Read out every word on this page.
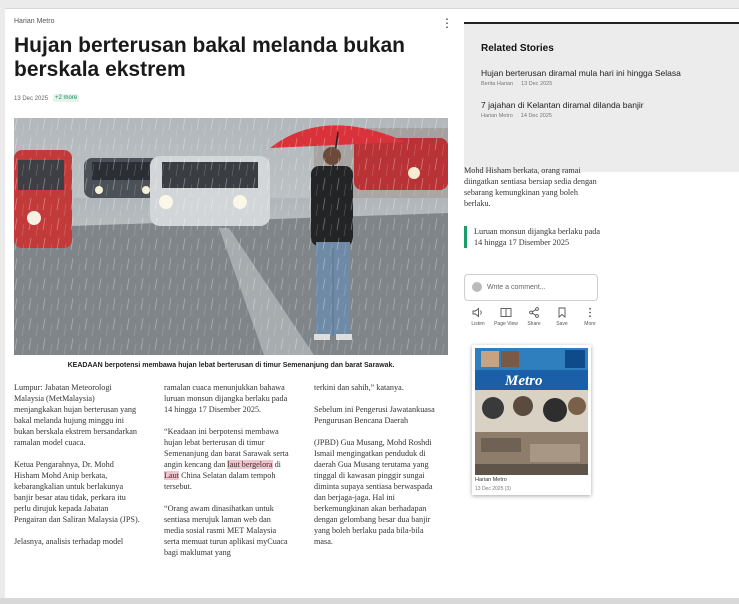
Harian Metro	⋮
Hujan berterusan bakal melanda bukan berskala ekstrem
13 Dec 2025	+2 more
KEADAAN berpotensi membawa hujan lebat berterusan di timur Semenanjung dan barat Sarawak.

Lumpur: Jabatan Meteorologi Malaysia (MetMalaysia) menjangkakan hujan berterusan yang bakal melanda hujung minggu ini bukan berskala ekstrem bersandarkan ramalan model cuaca.

Ketua Pengarahnya, Dr. Mohd Hisham Mohd Anip berkata, kebarangkalian untuk berlakunya banjir besar atau tidak, perkara itu perlu dirujuk kepada Jabatan Pengairan dan Saliran Malaysia (JPS).

Jelasnya, analisis terhadap model

ramalan cuaca menunjukkan bahawa luruan monsun dijangka berlaku pada 14 hingga 17 Disember 2025.

“Keadaan ini berpotensi membawa hujan lebat berterusan di timur Semenanjung dan barat Sarawak serta angin kencang dan laut bergelora di Laut China Selatan dalam tempoh tersebut.

“Orang awam dinasihatkan untuk sentiasa merujuk laman web dan media sosial rasmi MET Malaysia serta memuat turun aplikasi myCuaca bagi maklumat yang

terkini dan sahih,” katanya.

Sebelum ini Pengerusi Jawatankuasa Pengurusan Bencana Daerah

(JPBD) Gua Musang, Mohd Roshdi Ismail mengingatkan penduduk di daerah Gua Musang terutama yang tinggal di kawasan pinggir sungai diminta supaya sentiasa berwaspada dan berjaga-jaga. Hal ini berkemungkinan akan berhadapan dengan gelombang besar dua banjir yang boleh berlaku pada bila-bila masa.

Related Stories
Hujan berterusan diramal mula hari ini hingga Selasa
Berita Harian 13 Dec 2025
7 jajahan di Kelantan diramal dilanda banjir
Harian Metro 14 Dec 2025
Mohd Hisham berkata, orang ramai diingatkan sentiasa bersiap sedia dengan sebarang kemungkinan yang boleh berlaku.
Luruan monsun dijangka berlaku pada 14 hingga 17 Disember 2025
Write a comment...
Listen	Page View	Share	Save	More
Metro
Harian Metro
13 Dec 2025 (3)
